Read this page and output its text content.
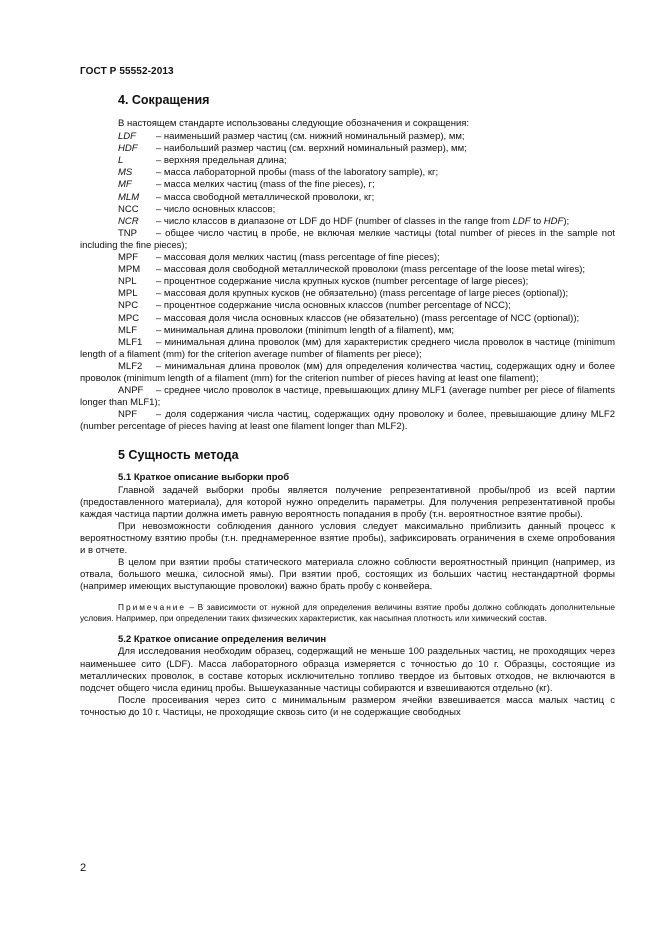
ГОСТ Р 55552-2013
4. Сокращения
В настоящем стандарте использованы следующие обозначения и сокращения:
LDF – наименьший размер частиц (см. нижний номинальный размер), мм;
HDF – наибольший размер частиц (см. верхний номинальный размер), мм;
L	– верхняя предельная длина;
MS	– масса лабораторной пробы (mass of the laboratory sample), кг;
MF	– масса мелких частиц (mass of the fine pieces), г;
MLM – масса свободной металлической проволоки, кг;
NCC – число основных классов;
NCR – число классов в диапазоне от LDF до HDF (number of classes in the range from LDF to HDF);
TNP – общее число частиц в пробе, не включая мелкие частицы (total number of pieces in the sample not including the fine pieces);
MPF – массовая доля мелких частиц (mass percentage of fine pieces);
MPM – массовая доля свободной металлической проволоки (mass percentage of the loose metal wires);
NPL – процентное содержание числа крупных кусков (number percentage of large pieces);
MPL – массовая доля крупных кусков (не обязательно) (mass percentage of large pieces (optional));
NPC – процентное содержание числа основных классов (number percentage of NCC);
MPC – массовая доля числа основных классов (не обязательно) (mass percentage of NCC (optional));
MLF – минимальная длина проволоки (minimum length of a filament), мм;
MLF1 – минимальная длина проволок (мм) для характеристик среднего числа проволок в частице (minimum length of a filament (mm) for the criterion average number of filaments per piece);
MLF2 – минимальная длина проволок (мм) для определения количества частиц, содержащих одну и более проволок (minimum length of a filament (mm) for the criterion number of pieces having at least one filament);
ANPF – среднее число проволок в частице, превышающих длину MLF1 (average number per piece of filaments longer than MLF1);
NPF – доля содержания числа частиц, содержащих одну проволоку и более, превышающие длину MLF2 (number percentage of pieces having at least one filament longer than MLF2).
5 Сущность метода
5.1 Краткое описание выборки проб

Главной задачей выборки пробы является получение репрезентативной пробы/проб из всей партии (предоставленного материала), для которой нужно определить параметры. Для получения репрезентативной пробы каждая частица партии должна иметь равную вероятность попадания в пробу (т.н. вероятностное взятие пробы).

При невозможности соблюдения данного условия следует максимально приблизить данный процесс к вероятностному взятию пробы (т.н. преднамеренное взятие пробы), зафиксировать ограничения в схеме опробования и в отчете.

В целом при взятии пробы статического материала сложно соблюсти вероятностный принцип (например, из отвала, большого мешка, силосной ямы). При взятии проб, состоящих из больших частиц нестандартной формы (например имеющих выступающие проволоки) важно брать пробу с конвейера.

Примечание – В зависимости от нужной для определения величины взятие пробы должно соблюдать дополнительные условия. Например, при определении таких физических характеристик, как насыпная плотность или химический состав.

5.2 Краткое описание определения величин

Для исследования необходим образец, содержащий не меньше 100 раздельных частиц, не проходящих через наименьшее сито (LDF). Масса лабораторного образца измеряется с точностью до 10 г. Образцы, состоящие из металлических проволок, в составе которых исключительно топливо твердое из бытовых отходов, не включаются в подсчет общего числа единиц пробы. Вышеуказанные частицы собираются и взвешиваются отдельно (кг).

После просеивания через сито с минимальным размером ячейки взвешивается масса малых частиц с точностью до 10 г. Частицы, не проходящие сквозь сито (и не содержащие свободных

2
